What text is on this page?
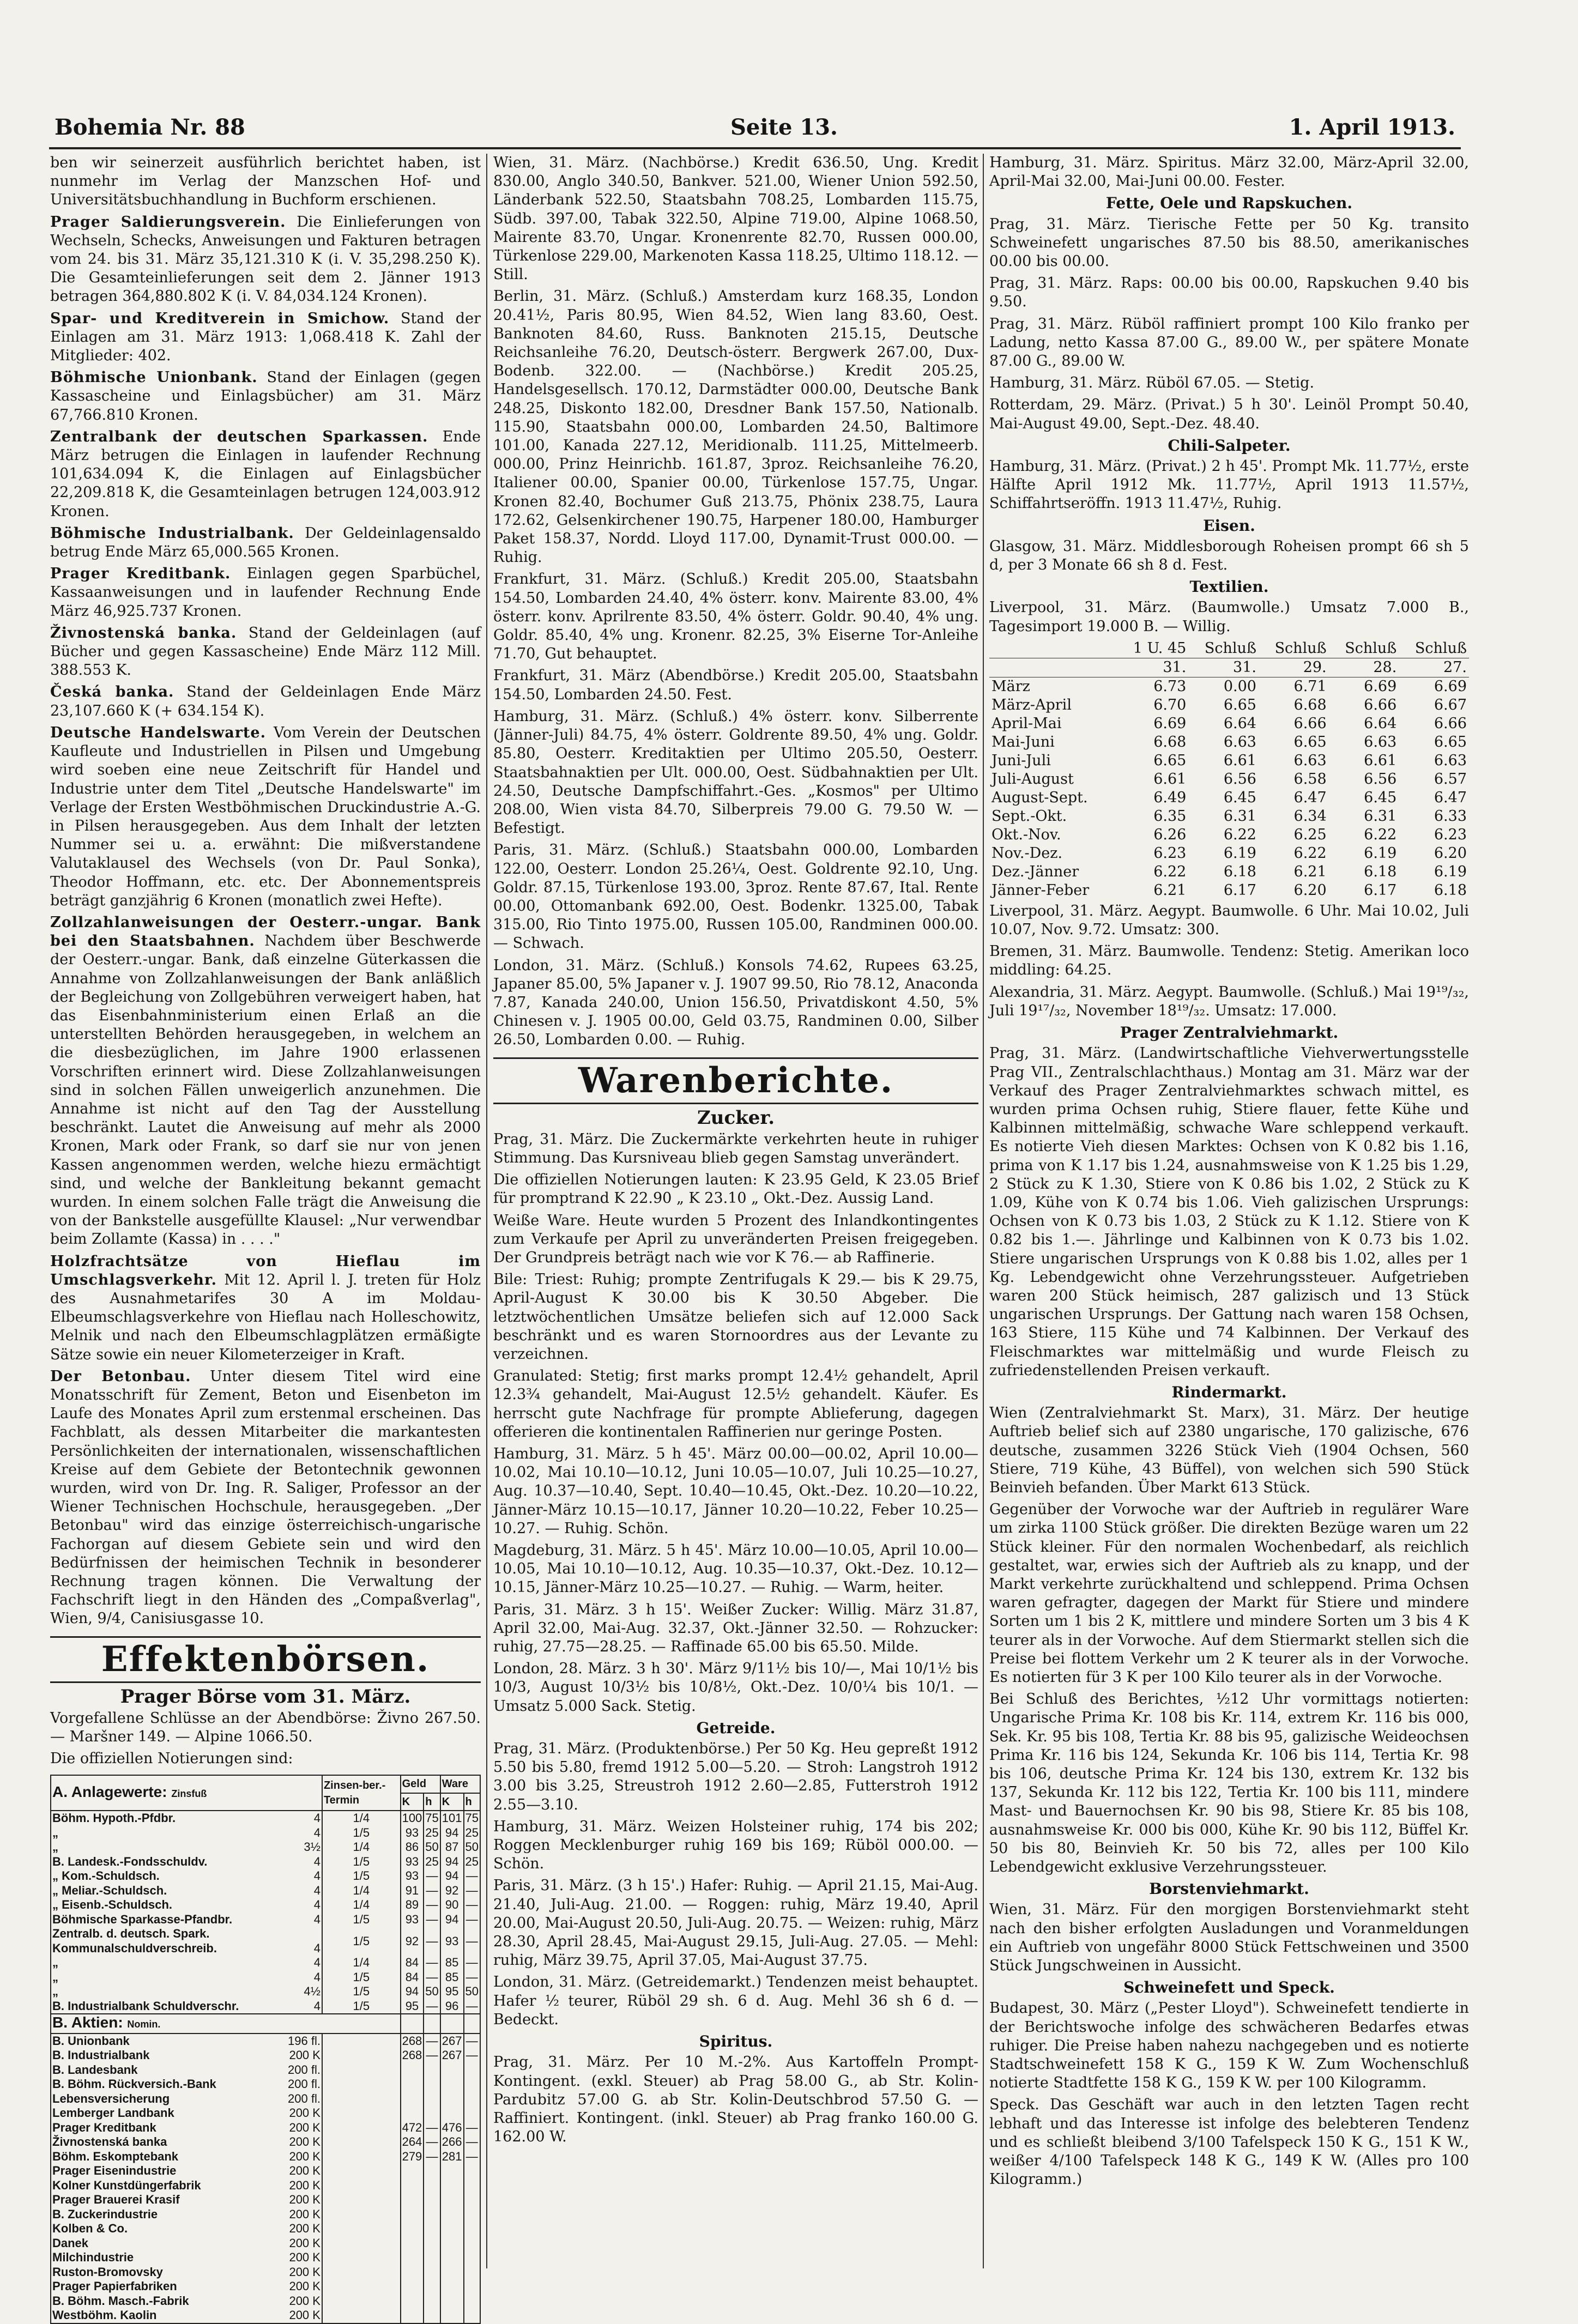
Bohemia Nr. 88	Seite 13.	1. April 1913.

ben wir seinerzeit ausführlich berichtet haben, ist nunmehr im Verlag der Manzschen Hof- und Universitätsbuchhandlung in Buchform erschienen.

Prager Saldierungsverein. Die Einlieferungen von Wechseln, Schecks, Anweisungen und Fakturen betragen vom 24. bis 31. März 35,121.310 K (i. V. 35,298.250 K). Die Gesamteinlieferungen seit dem 2. Jänner 1913 betragen 364,880.802 K (i. V. 84,034.124 Kronen).

Spar- und Kreditverein in Smichow. Stand der Einlagen am 31. März 1913: 1,068.418 K. Zahl der Mitglieder: 402.

Böhmische Unionbank. Stand der Einlagen (gegen Kassascheine und Einlagsbücher) am 31. März 67,766.810 Kronen.

Zentralbank der deutschen Sparkassen. Ende März betrugen die Einlagen in laufender Rechnung 101,634.094 K, die Einlagen auf Einlagsbücher 22,209.818 K, die Gesamteinlagen betrugen 124,003.912 Kronen.

Böhmische Industrialbank. Der Geldeinlagensaldo betrug Ende März 65,000.565 Kronen.

Prager Kreditbank. Einlagen gegen Sparbüchel, Kassaanweisungen und in laufender Rechnung Ende März 46,925.737 Kronen.

Živnostenská banka. Stand der Geldeinlagen (auf Bücher und gegen Kassascheine) Ende März 112 Mill. 388.553 K.

Česká banka. Stand der Geldeinlagen Ende März 23,107.660 K (+ 634.154 K).

Deutsche Handelswarte. Vom Verein der Deutschen Kaufleute und Industriellen in Pilsen und Umgebung wird soeben eine neue Zeitschrift für Handel und Industrie unter dem Titel „Deutsche Handelswarte" im Verlage der Ersten Westböhmischen Druckindustrie A.-G. in Pilsen herausgegeben. Aus dem Inhalt der letzten Nummer sei u. a. erwähnt: Die mißverstandene Valutaklausel des Wechsels (von Dr. Paul Sonka), Theodor Hoffmann, etc. etc. Der Abonnementspreis beträgt ganzjährig 6 Kronen (monatlich zwei Hefte).

Zollzahlanweisungen der Oesterr.-ungar. Bank bei den Staatsbahnen. Nachdem über Beschwerde der Oesterr.-ungar. Bank, daß einzelne Güterkassen die Annahme von Zollzahlanweisungen der Bank anläßlich der Begleichung von Zollgebühren verweigert haben, hat das Eisenbahnministerium einen Erlaß an die unterstellten Behörden herausgegeben, in welchem an die diesbezüglichen, im Jahre 1900 erlassenen Vorschriften erinnert wird. Diese Zollzahlanweisungen sind in solchen Fällen unweigerlich anzunehmen. Die Annahme ist nicht auf den Tag der Ausstellung beschränkt. Lautet die Anweisung auf mehr als 2000 Kronen, Mark oder Frank, so darf sie nur von jenen Kassen angenommen werden, welche hiezu ermächtigt sind, und welche der Bankleitung bekannt gemacht wurden. In einem solchen Falle trägt die Anweisung die von der Bankstelle ausgefüllte Klausel: „Nur verwendbar beim Zollamte (Kassa) in . . . ."

Holzfrachtsätze von Hieflau im Umschlagsverkehr. Mit 12. April l. J. treten für Holz des Ausnahmetarifes 30 A im Moldau-Elbeumschlagsverkehre von Hieflau nach Holleschowitz, Melnik und nach den Elbeumschlagplätzen ermäßigte Sätze sowie ein neuer Kilometerzeiger in Kraft.

Der Betonbau. Unter diesem Titel wird eine Monatsschrift für Zement, Beton und Eisenbeton im Laufe des Monates April zum erstenmal erscheinen. Das Fachblatt, als dessen Mitarbeiter die markantesten Persönlichkeiten der internationalen, wissenschaftlichen Kreise auf dem Gebiete der Betontechnik gewonnen wurden, wird von Dr. Ing. R. Saliger, Professor an der Wiener Technischen Hochschule, herausgegeben. „Der Betonbau" wird das einzige österreichisch-ungarische Fachorgan auf diesem Gebiete sein und wird den Bedürfnissen der heimischen Technik in besonderer Rechnung tragen können. Die Verwaltung der Fachschrift liegt in den Händen des „Compaßverlag", Wien, 9/4, Canisiusgasse 10.

Effektenbörsen.
Prager Börse vom 31. März.

Vorgefallene Schlüsse an der Abendbörse: Živno 267.50. — Maršner 149. — Alpine 1066.50.

Die offiziellen Notierungen sind:

A. Anlagewerte: Zinsfuß	Zinsen-ber.-Termin	Geld		Ware	
		K	h	K	h
Böhm. Hypoth.-Pfdbr. 4	1/4	100	75	101	75
„ 4	1/5	93	25	94	25
„ 3½	1/4	86	50	87	50
B. Landesk.-Fondsschuldv. 4	1/5	93	25	94	25
„ Kom.-Schuldsch. 4	1/5	93	—	94	—
„ Meliar.-Schuldsch. 4	1/4	91	—	92	—
„ Eisenb.-Schuldsch. 4	1/4	89	—	90	—
Böhmische Sparkasse-Pfandbr. 4	1/5	93	—	94	—
Zentralb. d. deutsch. Spark. Kommunalschuldverschreib. 4	1/5	92	—	93	—
„ 4	1/4	84	—	85	—
„ 4	1/5	84	—	85	—
„ 4½	1/5	94	50	95	50
B. Industrialbank Schuldverschr. 4	1/5	95	—	96	—
B. Aktien: Nomin.					
B. Unionbank 196 fl.		268	—	267	—
B. Industrialbank 200 K		268	—	267	—
B. Landesbank 200 fl.					

B. Böhm. Rückversich.-Bank 200 fl.					

Lebensversicherung 200 fl.					

Lemberger Landbank 200 K					

Prager Kreditbank 200 K		472	—	476	—
Živnostenská banka 200 K		264	—	266	—
Böhm. Eskomptebank 200 K		279	—	281	—
Prager Eisenindustrie 200 K					

Kolner Kunstdüngerfabrik 200 K					

Prager Brauerei Krasif 200 K					

B. Zuckerindustrie 200 K					

Kolben & Co. 200 K					

Danek 200 K					

Milchindustrie 200 K					

Ruston-Bromovsky 200 K					

Prager Papierfabriken 200 K					

B. Böhm. Masch.-Fabrik 200 K					

Westböhm. Kaolin 200 K					

Wien, 31. März. (Nachbörse.) Kredit 636.50, Ung. Kredit 830.00, Anglo 340.50, Bankver. 521.00, Wiener Union 592.50, Länderbank 522.50, Staatsbahn 708.25, Lombarden 115.75, Südb. 397.00, Tabak 322.50, Alpine 719.00, Alpine 1068.50, Mairente 83.70, Ungar. Kronenrente 82.70, Russen 000.00, Türkenlose 229.00, Markenoten Kassa 118.25, Ultimo 118.12. — Still.

Berlin, 31. März. (Schluß.) Amsterdam kurz 168.35, London 20.41½, Paris 80.95, Wien 84.52, Wien lang 83.60, Oest. Banknoten 84.60, Russ. Banknoten 215.15, Deutsche Reichsanleihe 76.20, Deutsch-österr. Bergwerk 267.00, Dux-Bodenb. 322.00. — (Nachbörse.) Kredit 205.25, Handelsgesellsch. 170.12, Darmstädter 000.00, Deutsche Bank 248.25, Diskonto 182.00, Dresdner Bank 157.50, Nationalb. 115.90, Staatsbahn 000.00, Lombarden 24.50, Baltimore 101.00, Kanada 227.12, Meridionalb. 111.25, Mittelmeerb. 000.00, Prinz Heinrichb. 161.87, 3proz. Reichsanleihe 76.20, Italiener 00.00, Spanier 00.00, Türkenlose 157.75, Ungar. Kronen 82.40, Bochumer Guß 213.75, Phönix 238.75, Laura 172.62, Gelsenkirchener 190.75, Harpener 180.00, Hamburger Paket 158.37, Nordd. Lloyd 117.00, Dynamit-Trust 000.00. — Ruhig.

Frankfurt, 31. März. (Schluß.) Kredit 205.00, Staatsbahn 154.50, Lombarden 24.40, 4% österr. konv. Mairente 83.00, 4% österr. konv. Aprilrente 83.50, 4% österr. Goldr. 90.40, 4% ung. Goldr. 85.40, 4% ung. Kronenr. 82.25, 3% Eiserne Tor-Anleihe 71.70, Gut behauptet.

Frankfurt, 31. März (Abendbörse.) Kredit 205.00, Staatsbahn 154.50, Lombarden 24.50. Fest.

Hamburg, 31. März. (Schluß.) 4% österr. konv. Silberrente (Jänner-Juli) 84.75, 4% österr. Goldrente 89.50, 4% ung. Goldr. 85.80, Oesterr. Kreditaktien per Ultimo 205.50, Oesterr. Staatsbahnaktien per Ult. 000.00, Oest. Südbahnaktien per Ult. 24.50, Deutsche Dampfschiffahrt.-Ges. „Kosmos" per Ultimo 208.00, Wien vista 84.70, Silberpreis 79.00 G. 79.50 W. — Befestigt.

Paris, 31. März. (Schluß.) Staatsbahn 000.00, Lombarden 122.00, Oesterr. London 25.26¼, Oest. Goldrente 92.10, Ung. Goldr. 87.15, Türkenlose 193.00, 3proz. Rente 87.67, Ital. Rente 00.00, Ottomanbank 692.00, Oest. Bodenkr. 1325.00, Tabak 315.00, Rio Tinto 1975.00, Russen 105.00, Randminen 000.00. — Schwach.

London, 31. März. (Schluß.) Konsols 74.62, Rupees 63.25, Japaner 85.00, 5% Japaner v. J. 1907 99.50, Rio 78.12, Anaconda 7.87, Kanada 240.00, Union 156.50, Privatdiskont 4.50, 5% Chinesen v. J. 1905 00.00, Geld 03.75, Randminen 0.00, Silber 26.50, Lombarden 0.00. — Ruhig.

Warenberichte.
Zucker.

Prag, 31. März. Die Zuckermärkte verkehrten heute in ruhiger Stimmung. Das Kursniveau blieb gegen Samstag unverändert.

Die offiziellen Notierungen lauten: K 23.95 Geld, K 23.05 Brief für promptrand K 22.90 „ K 23.10 „ Okt.-Dez. Aussig Land.

Weiße Ware. Heute wurden 5 Prozent des Inlandkontingentes zum Verkaufe per April zu unveränderten Preisen freigegeben. Der Grundpreis beträgt nach wie vor K 76.— ab Raffinerie.

Bile: Triest: Ruhig; prompte Zentrifugals K 29.— bis K 29.75, April-August K 30.00 bis K 30.50 Abgeber. Die letztwöchentlichen Umsätze beliefen sich auf 12.000 Sack beschränkt und es waren Stornoordres aus der Levante zu verzeichnen.

Granulated: Stetig; first marks prompt 12.4½ gehandelt, April 12.3¾ gehandelt, Mai-August 12.5½ gehandelt. Käufer. Es herrscht gute Nachfrage für prompte Ablieferung, dagegen offerieren die kontinentalen Raffinerien nur geringe Posten.

Hamburg, 31. März. 5 h 45'. März 00.00—00.02, April 10.00—10.02, Mai 10.10—10.12, Juni 10.05—10.07, Juli 10.25—10.27, Aug. 10.37—10.40, Sept. 10.40—10.45, Okt.-Dez. 10.20—10.22, Jänner-März 10.15—10.17, Jänner 10.20—10.22, Feber 10.25—10.27. — Ruhig. Schön.

Magdeburg, 31. März. 5 h 45'. März 10.00—10.05, April 10.00—10.05, Mai 10.10—10.12, Aug. 10.35—10.37, Okt.-Dez. 10.12—10.15, Jänner-März 10.25—10.27. — Ruhig. — Warm, heiter.

Paris, 31. März. 3 h 15'. Weißer Zucker: Willig. März 31.87, April 32.00, Mai-Aug. 32.37, Okt.-Jänner 32.50. — Rohzucker: ruhig, 27.75—28.25. — Raffinade 65.00 bis 65.50. Milde.

London, 28. März. 3 h 30'. März 9/11½ bis 10/—, Mai 10/1½ bis 10/3, August 10/3½ bis 10/8½, Okt.-Dez. 10/0¼ bis 10/1. — Umsatz 5.000 Sack. Stetig.

Getreide.

Prag, 31. März. (Produktenbörse.) Per 50 Kg. Heu gepreßt 1912 5.50 bis 5.80, fremd 1912 5.00—5.20. — Stroh: Langstroh 1912 3.00 bis 3.25, Streustroh 1912 2.60—2.85, Futterstroh 1912 2.55—3.10.

Hamburg, 31. März. Weizen Holsteiner ruhig, 174 bis 202; Roggen Mecklenburger ruhig 169 bis 169; Rüböl 000.00. — Schön.

Paris, 31. März. (3 h 15'.) Hafer: Ruhig. — April 21.15, Mai-Aug. 21.40, Juli-Aug. 21.00. — Roggen: ruhig, März 19.40, April 20.00, Mai-August 20.50, Juli-Aug. 20.75. — Weizen: ruhig, März 28.30, April 28.45, Mai-August 29.15, Juli-Aug. 27.05. — Mehl: ruhig, März 39.75, April 37.05, Mai-August 37.75.

London, 31. März. (Getreidemarkt.) Tendenzen meist behauptet. Hafer ½ teurer, Rüböl 29 sh. 6 d. Aug. Mehl 36 sh 6 d. — Bedeckt.

Spiritus.

Prag, 31. März. Per 10 M.-2%. Aus Kartoffeln Prompt-Kontingent. (exkl. Steuer) ab Prag 58.00 G., ab Str. Kolin-Pardubitz 57.00 G. ab Str. Kolin-Deutschbrod 57.50 G. — Raffiniert. Kontingent. (inkl. Steuer) ab Prag franko 160.00 G. 162.00 W.

Hamburg, 31. März. Spiritus. März 32.00, März-April 32.00, April-Mai 32.00, Mai-Juni 00.00. Fester.

Fette, Oele und Rapskuchen.

Prag, 31. März. Tierische Fette per 50 Kg. transito Schweinefett ungarisches 87.50 bis 88.50, amerikanisches 00.00 bis 00.00.

Prag, 31. März. Raps: 00.00 bis 00.00, Rapskuchen 9.40 bis 9.50.

Prag, 31. März. Rüböl raffiniert prompt 100 Kilo franko per Ladung, netto Kassa 87.00 G., 89.00 W., per spätere Monate 87.00 G., 89.00 W.

Hamburg, 31. März. Rüböl 67.05. — Stetig.

Rotterdam, 29. März. (Privat.) 5 h 30'. Leinöl Prompt 50.40, Mai-August 49.00, Sept.-Dez. 48.40.

Chili-Salpeter.

Hamburg, 31. März. (Privat.) 2 h 45'. Prompt Mk. 11.77½, erste Hälfte April 1912 Mk. 11.77½, April 1913 11.57½, Schiffahrtseröffn. 1913 11.47½, Ruhig.

Eisen.

Glasgow, 31. März. Middlesborough Roheisen prompt 66 sh 5 d, per 3 Monate 66 sh 8 d. Fest.

Textilien.

Liverpool, 31. März. (Baumwolle.) Umsatz 7.000 B., Tagesimport 19.000 B. — Willig.

	1 U. 45	Schluß	Schluß	Schluß	Schluß
	31.	31.	29.	28.	27.
März	6.73	0.00	6.71	6.69	6.69
März-April	6.70	6.65	6.68	6.66	6.67
April-Mai	6.69	6.64	6.66	6.64	6.66
Mai-Juni	6.68	6.63	6.65	6.63	6.65
Juni-Juli	6.65	6.61	6.63	6.61	6.63
Juli-August	6.61	6.56	6.58	6.56	6.57
August-Sept.	6.49	6.45	6.47	6.45	6.47
Sept.-Okt.	6.35	6.31	6.34	6.31	6.33
Okt.-Nov.	6.26	6.22	6.25	6.22	6.23
Nov.-Dez.	6.23	6.19	6.22	6.19	6.20
Dez.-Jänner	6.22	6.18	6.21	6.18	6.19
Jänner-Feber	6.21	6.17	6.20	6.17	6.18

Liverpool, 31. März. Aegypt. Baumwolle. 6 Uhr. Mai 10.02, Juli 10.07, Nov. 9.72. Umsatz: 300.

Bremen, 31. März. Baumwolle. Tendenz: Stetig. Amerikan loco middling: 64.25.

Alexandria, 31. März. Aegypt. Baumwolle. (Schluß.) Mai 19¹⁹/₃₂, Juli 19¹⁷/₃₂, November 18¹⁹/₃₂. Umsatz: 17.000.

Prager Zentralviehmarkt.

Prag, 31. März. (Landwirtschaftliche Viehverwertungsstelle Prag VII., Zentralschlachthaus.) Montag am 31. März war der Verkauf des Prager Zentralviehmarktes schwach mittel, es wurden prima Ochsen ruhig, Stiere flauer, fette Kühe und Kalbinnen mittelmäßig, schwache Ware schleppend verkauft. Es notierte Vieh diesen Marktes: Ochsen von K 0.82 bis 1.16, prima von K 1.17 bis 1.24, ausnahmsweise von K 1.25 bis 1.29, 2 Stück zu K 1.30, Stiere von K 0.86 bis 1.02, 2 Stück zu K 1.09, Kühe von K 0.74 bis 1.06. Vieh galizischen Ursprungs: Ochsen von K 0.73 bis 1.03, 2 Stück zu K 1.12. Stiere von K 0.82 bis 1.—. Jährlinge und Kalbinnen von K 0.73 bis 1.02. Stiere ungarischen Ursprungs von K 0.88 bis 1.02, alles per 1 Kg. Lebendgewicht ohne Verzehrungssteuer. Aufgetrieben waren 200 Stück heimisch, 287 galizisch und 13 Stück ungarischen Ursprungs. Der Gattung nach waren 158 Ochsen, 163 Stiere, 115 Kühe und 74 Kalbinnen. Der Verkauf des Fleischmarktes war mittelmäßig und wurde Fleisch zu zufriedenstellenden Preisen verkauft.

Rindermarkt.

Wien (Zentralviehmarkt St. Marx), 31. März. Der heutige Auftrieb belief sich auf 2380 ungarische, 170 galizische, 676 deutsche, zusammen 3226 Stück Vieh (1904 Ochsen, 560 Stiere, 719 Kühe, 43 Büffel), von welchen sich 590 Stück Beinvieh befanden. Über Markt 613 Stück.

Gegenüber der Vorwoche war der Auftrieb in regulärer Ware um zirka 1100 Stück größer. Die direkten Bezüge waren um 22 Stück kleiner. Für den normalen Wochenbedarf, als reichlich gestaltet, war, erwies sich der Auftrieb als zu knapp, und der Markt verkehrte zurückhaltend und schleppend. Prima Ochsen waren gefragter, dagegen der Markt für Stiere und mindere Sorten um 1 bis 2 K, mittlere und mindere Sorten um 3 bis 4 K teurer als in der Vorwoche. Auf dem Stiermarkt stellen sich die Preise bei flottem Verkehr um 2 K teurer als in der Vorwoche. Es notierten für 3 K per 100 Kilo teurer als in der Vorwoche.

Bei Schluß des Berichtes, ½12 Uhr vormittags notierten: Ungarische Prima Kr. 108 bis Kr. 114, extrem Kr. 116 bis 000, Sek. Kr. 95 bis 108, Tertia Kr. 88 bis 95, galizische Weideochsen Prima Kr. 116 bis 124, Sekunda Kr. 106 bis 114, Tertia Kr. 98 bis 106, deutsche Prima Kr. 124 bis 130, extrem Kr. 132 bis 137, Sekunda Kr. 112 bis 122, Tertia Kr. 100 bis 111, mindere Mast- und Bauernochsen Kr. 90 bis 98, Stiere Kr. 85 bis 108, ausnahmsweise Kr. 000 bis 000, Kühe Kr. 90 bis 112, Büffel Kr. 50 bis 80, Beinvieh Kr. 50 bis 72, alles per 100 Kilo Lebendgewicht exklusive Verzehrungssteuer.

Borstenviehmarkt.

Wien, 31. März. Für den morgigen Borstenviehmarkt steht nach den bisher erfolgten Ausladungen und Voranmeldungen ein Auftrieb von ungefähr 8000 Stück Fettschweinen und 3500 Stück Jungschweinen in Aussicht.

Schweinefett und Speck.

Budapest, 30. März („Pester Lloyd"). Schweinefett tendierte in der Berichtswoche infolge des schwächeren Bedarfes etwas ruhiger. Die Preise haben nahezu nachgegeben und es notierte Stadtschweinefett 158 K G., 159 K W. Zum Wochenschluß notierte Stadtfette 158 K G., 159 K W. per 100 Kilogramm.

Speck. Das Geschäft war auch in den letzten Tagen recht lebhaft und das Interesse ist infolge des belebteren Tendenz und es schließt bleibend 3/100 Tafelspeck 150 K G., 151 K W., weißer 4/100 Tafelspeck 148 K G., 149 K W. (Alles pro 100 Kilogramm.)
